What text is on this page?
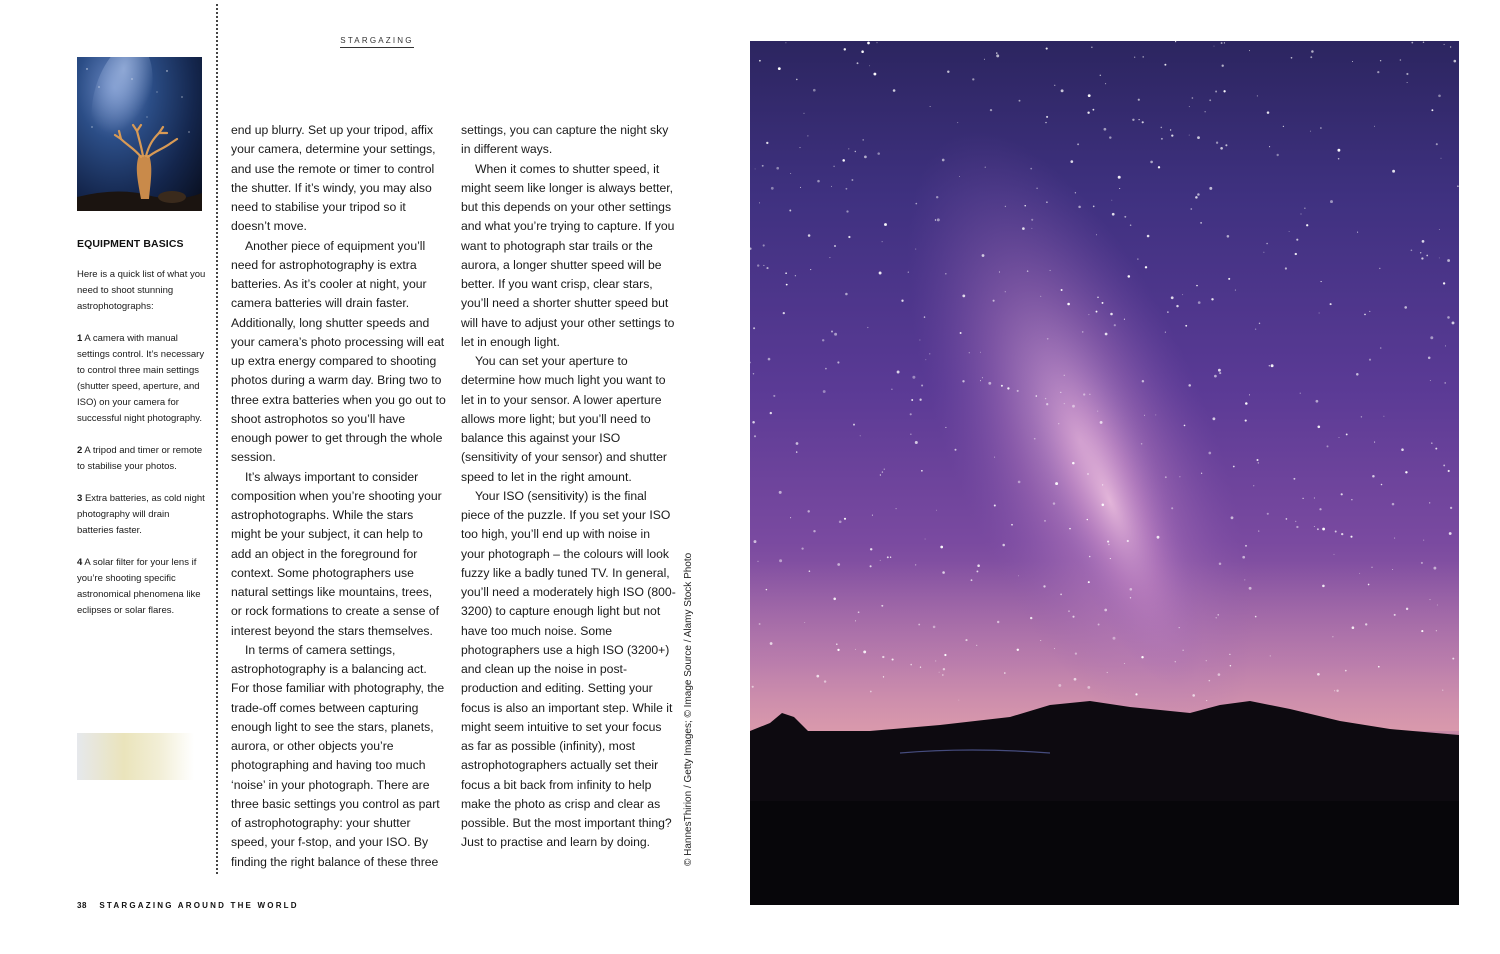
STARGAZING
EQUIPMENT BASICS

Here is a quick list of what you need to shoot stunning astrophotographs:

1 A camera with manual settings control. It’s necessary to control three main settings (shutter speed, aperture, and ISO) on your camera for successful night photography.

2 A tripod and timer or remote to stabilise your photos.

3 Extra batteries, as cold night photography will drain batteries faster.

4 A solar filter for your lens if you’re shooting specific astronomical phenomena like eclipses or solar flares.

end up blurry. Set up your tripod, affix your camera, determine your settings, and use the remote or timer to control the shutter. If it’s windy, you may also need to stabilise your tripod so it doesn’t move.

Another piece of equipment you’ll need for astrophotography is extra batteries. As it’s cooler at night, your camera batteries will drain faster. Additionally, long shutter speeds and your camera’s photo processing will eat up extra energy compared to shooting photos during a warm day. Bring two to three extra batteries when you go out to shoot astrophotos so you’ll have enough power to get through the whole session.

It’s always important to consider composition when you’re shooting your astrophotographs. While the stars might be your subject, it can help to add an object in the foreground for context. Some photographers use natural settings like mountains, trees, or rock formations to create a sense of interest beyond the stars themselves.

In terms of camera settings, astrophotography is a balancing act. For those familiar with photography, the trade-off comes between capturing enough light to see the stars, planets, aurora, or other objects you’re photographing and having too much ‘noise’ in your photograph. There are three basic settings you control as part of astrophotography: your shutter speed, your f-stop, and your ISO. By finding the right balance of these three

settings, you can capture the night sky in different ways.

When it comes to shutter speed, it might seem like longer is always better, but this depends on your other settings and what you’re trying to capture. If you want to photograph star trails or the aurora, a longer shutter speed will be better. If you want crisp, clear stars, you’ll need a shorter shutter speed but will have to adjust your other settings to let in enough light.

You can set your aperture to determine how much light you want to let in to your sensor. A lower aperture allows more light; but you’ll need to balance this against your ISO (sensitivity of your sensor) and shutter speed to let in the right amount.

Your ISO (sensitivity) is the final piece of the puzzle. If you set your ISO too high, you’ll end up with noise in your photograph – the colours will look fuzzy like a badly tuned TV. In general, you’ll need a moderately high ISO (800-3200) to capture enough light but not have too much noise. Some photographers use a high ISO (3200+) and clean up the noise in post-production and editing. Setting your focus is also an important step. While it might seem intuitive to set your focus as far as possible (infinity), most astrophotographers actually set their focus a bit back from infinity to help make the photo as crisp and clear as possible. But the most important thing? Just to practise and learn by doing.	© HannesThirion / Getty Images; © Image Source / Alamy Stock Photo
38 STARGAZING AROUND THE WORLD
